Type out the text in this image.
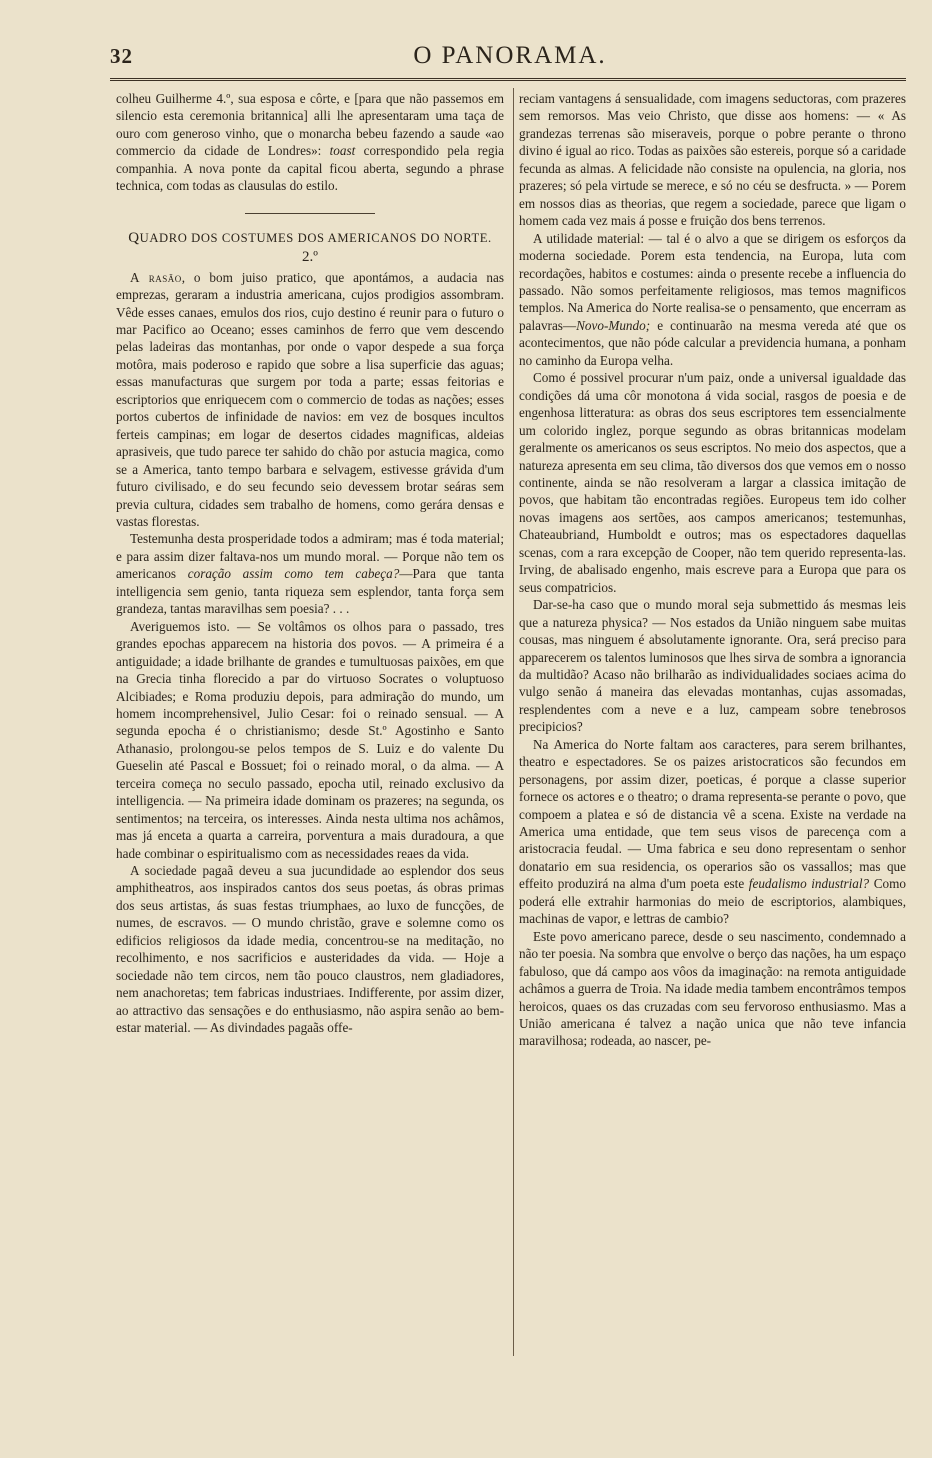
32	O PANORAMA.

colheu Guilherme 4.º, sua esposa e côrte, e [para que não passemos em silencio esta ceremonia britannica] alli lhe apresentaram uma taça de ouro com generoso vinho, que o monarcha bebeu fazendo a saude «ao commercio da cidade de Londres»: toast correspondido pela regia companhia. A nova ponte da capital ficou aberta, segundo a phrase technica, com todas as clausulas do estilo.

QUADRO DOS COSTUMES DOS AMERICANOS DO NORTE.

2.º

A rasão, o bom juiso pratico, que apontámos, a audacia nas emprezas, geraram a industria americana, cujos prodigios assombram. Vêde esses canaes, emulos dos rios, cujo destino é reunir para o futuro o mar Pacifico ao Oceano; esses caminhos de ferro que vem descendo pelas ladeiras das montanhas, por onde o vapor despede a sua força motôra, mais poderoso e rapido que sobre a lisa superficie das aguas; essas manufacturas que surgem por toda a parte; essas feitorias e escriptorios que enriquecem com o commercio de todas as nações; esses portos cubertos de infinidade de navios: em vez de bosques incultos ferteis campinas; em logar de desertos cidades magnificas, aldeias aprasiveis, que tudo parece ter sahido do chão por astucia magica, como se a America, tanto tempo barbara e selvagem, estivesse grávida d'um futuro civilisado, e do seu fecundo seio devessem brotar seáras sem previa cultura, cidades sem trabalho de homens, como gerára densas e vastas florestas.

Testemunha desta prosperidade todos a admiram; mas é toda material; e para assim dizer faltava-nos um mundo moral. — Porque não tem os americanos coração assim como tem cabeça?—Para que tanta intelligencia sem genio, tanta riqueza sem esplendor, tanta força sem grandeza, tantas maravilhas sem poesia? . . .

Averiguemos isto. — Se voltâmos os olhos para o passado, tres grandes epochas apparecem na historia dos povos. — A primeira é a antiguidade; a idade brilhante de grandes e tumultuosas paixões, em que na Grecia tinha florecido a par do virtuoso Socrates o voluptuoso Alcibiades; e Roma produziu depois, para admiração do mundo, um homem incomprehensivel, Julio Cesar: foi o reinado sensual. — A segunda epocha é o christianismo; desde St.º Agostinho e Santo Athanasio, prolongou-se pelos tempos de S. Luiz e do valente Du Gueselin até Pascal e Bossuet; foi o reinado moral, o da alma. — A terceira começa no seculo passado, epocha util, reinado exclusivo da intelligencia. — Na primeira idade dominam os prazeres; na segunda, os sentimentos; na terceira, os interesses. Ainda nesta ultima nos achâmos, mas já enceta a quarta a carreira, porventura a mais duradoura, a que hade combinar o espiritualismo com as necessidades reaes da vida.

A sociedade pagaã deveu a sua jucundidade ao esplendor dos seus amphitheatros, aos inspirados cantos dos seus poetas, ás obras primas dos seus artistas, ás suas festas triumphaes, ao luxo de funcções, de numes, de escravos. — O mundo christão, grave e solemne como os edificios religiosos da idade media, concentrou-se na meditação, no recolhimento, e nos sacrificios e austeridades da vida. — Hoje a sociedade não tem circos, nem tão pouco claustros, nem gladiadores, nem anachoretas; tem fabricas industriaes. Indifferente, por assim dizer, ao attractivo das sensações e do enthusiasmo, não aspira senão ao bem-estar material. — As divindades pagaãs offe-

reciam vantagens á sensualidade, com imagens seductoras, com prazeres sem remorsos. Mas veio Christo, que disse aos homens: — « As grandezas terrenas são miseraveis, porque o pobre perante o throno divino é igual ao rico. Todas as paixões são estereis, porque só a caridade fecunda as almas. A felicidade não consiste na opulencia, na gloria, nos prazeres; só pela virtude se merece, e só no céu se desfructa. » — Porem em nossos dias as theorias, que regem a sociedade, parece que ligam o homem cada vez mais á posse e fruição dos bens terrenos.

A utilidade material: — tal é o alvo a que se dirigem os esforços da moderna sociedade. Porem esta tendencia, na Europa, luta com recordações, habitos e costumes: ainda o presente recebe a influencia do passado. Não somos perfeitamente religiosos, mas temos magnificos templos. Na America do Norte realisa-se o pensamento, que encerram as palavras—Novo-Mundo; e continuarão na mesma vereda até que os acontecimentos, que não póde calcular a previdencia humana, a ponham no caminho da Europa velha.

Como é possivel procurar n'um paiz, onde a universal igualdade das condições dá uma côr monotona á vida social, rasgos de poesia e de engenhosa litteratura: as obras dos seus escriptores tem essencialmente um colorido inglez, porque segundo as obras britannicas modelam geralmente os americanos os seus escriptos. No meio dos aspectos, que a natureza apresenta em seu clima, tão diversos dos que vemos em o nosso continente, ainda se não resolveram a largar a classica imitação de povos, que habitam tão encontradas regiões. Europeus tem ido colher novas imagens aos sertões, aos campos americanos; testemunhas, Chateaubriand, Humboldt e outros; mas os espectadores daquellas scenas, com a rara excepção de Cooper, não tem querido representa-las. Irving, de abalisado engenho, mais escreve para a Europa que para os seus compatricios.

Dar-se-ha caso que o mundo moral seja submettido ás mesmas leis que a natureza physica? — Nos estados da União ninguem sabe muitas cousas, mas ninguem é absolutamente ignorante. Ora, será preciso para apparecerem os talentos luminosos que lhes sirva de sombra a ignorancia da multidão? Acaso não brilharão as individualidades sociaes acima do vulgo senão á maneira das elevadas montanhas, cujas assomadas, resplendentes com a neve e a luz, campeam sobre tenebrosos precipicios?

Na America do Norte faltam aos caracteres, para serem brilhantes, theatro e espectadores. Se os paizes aristocraticos são fecundos em personagens, por assim dizer, poeticas, é porque a classe superior fornece os actores e o theatro; o drama representa-se perante o povo, que compoem a platea e só de distancia vê a scena. Existe na verdade na America uma entidade, que tem seus visos de parecença com a aristocracia feudal. — Uma fabrica e seu dono representam o senhor donatario em sua residencia, os operarios são os vassallos; mas que effeito produzirá na alma d'um poeta este feudalismo industrial? Como poderá elle extrahir harmonias do meio de escriptorios, alambiques, machinas de vapor, e lettras de cambio?

Este povo americano parece, desde o seu nascimento, condemnado a não ter poesia. Na sombra que envolve o berço das nações, ha um espaço fabuloso, que dá campo aos vôos da imaginação: na remota antiguidade achâmos a guerra de Troia. Na idade media tambem encontrâmos tempos heroicos, quaes os das cruzadas com seu fervoroso enthusiasmo. Mas a União americana é talvez a nação unica que não teve infancia maravilhosa; rodeada, ao nascer, pe-
